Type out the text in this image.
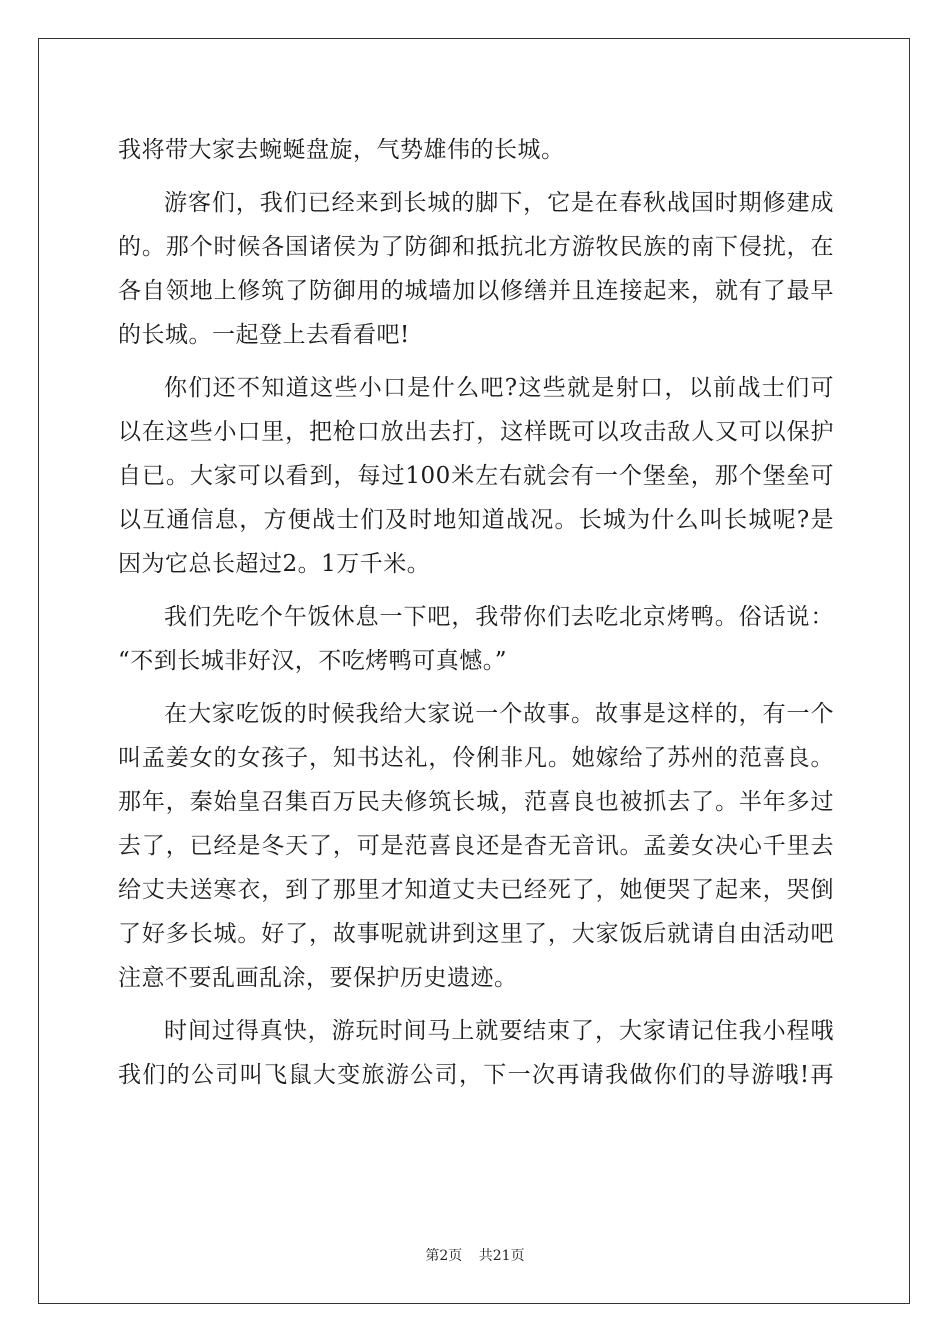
我将带大家去蜿蜒盘旋，气势雄伟的长城。
游客们，我们已经来到长城的脚下，它是在春秋战国时期修建成
的。那个时候各国诸侯为了防御和抵抗北方游牧民族的南下侵扰，在
各自领地上修筑了防御用的城墙加以修缮并且连接起来，就有了最早
的长城。一起登上去看看吧!
你们还不知道这些小口是什么吧?这些就是射口，以前战士们可
以在这些小口里，把枪口放出去打，这样既可以攻击敌人又可以保护
自已。大家可以看到，每过100米左右就会有一个堡垒，那个堡垒可
以互通信息，方便战士们及时地知道战况。长城为什么叫长城呢?是
因为它总长超过2。1万千米。
我们先吃个午饭休息一下吧，我带你们去吃北京烤鸭。俗话说：
“不到长城非好汉，不吃烤鸭可真憾。”
在大家吃饭的时候我给大家说一个故事。故事是这样的，有一个
叫孟姜女的女孩子，知书达礼，伶俐非凡。她嫁给了苏州的范喜良。
那年，秦始皇召集百万民夫修筑长城，范喜良也被抓去了。半年多过
去了，已经是冬天了，可是范喜良还是杳无音讯。孟姜女决心千里去
给丈夫送寒衣，到了那里才知道丈夫已经死了，她便哭了起来，哭倒
了好多长城。好了，故事呢就讲到这里了，大家饭后就请自由活动吧
注意不要乱画乱涂，要保护历史遗迹。
时间过得真快，游玩时间马上就要结束了，大家请记住我小程哦
我们的公司叫飞鼠大变旅游公司，下一次再请我做你们的导游哦!再
第2页 共21页
